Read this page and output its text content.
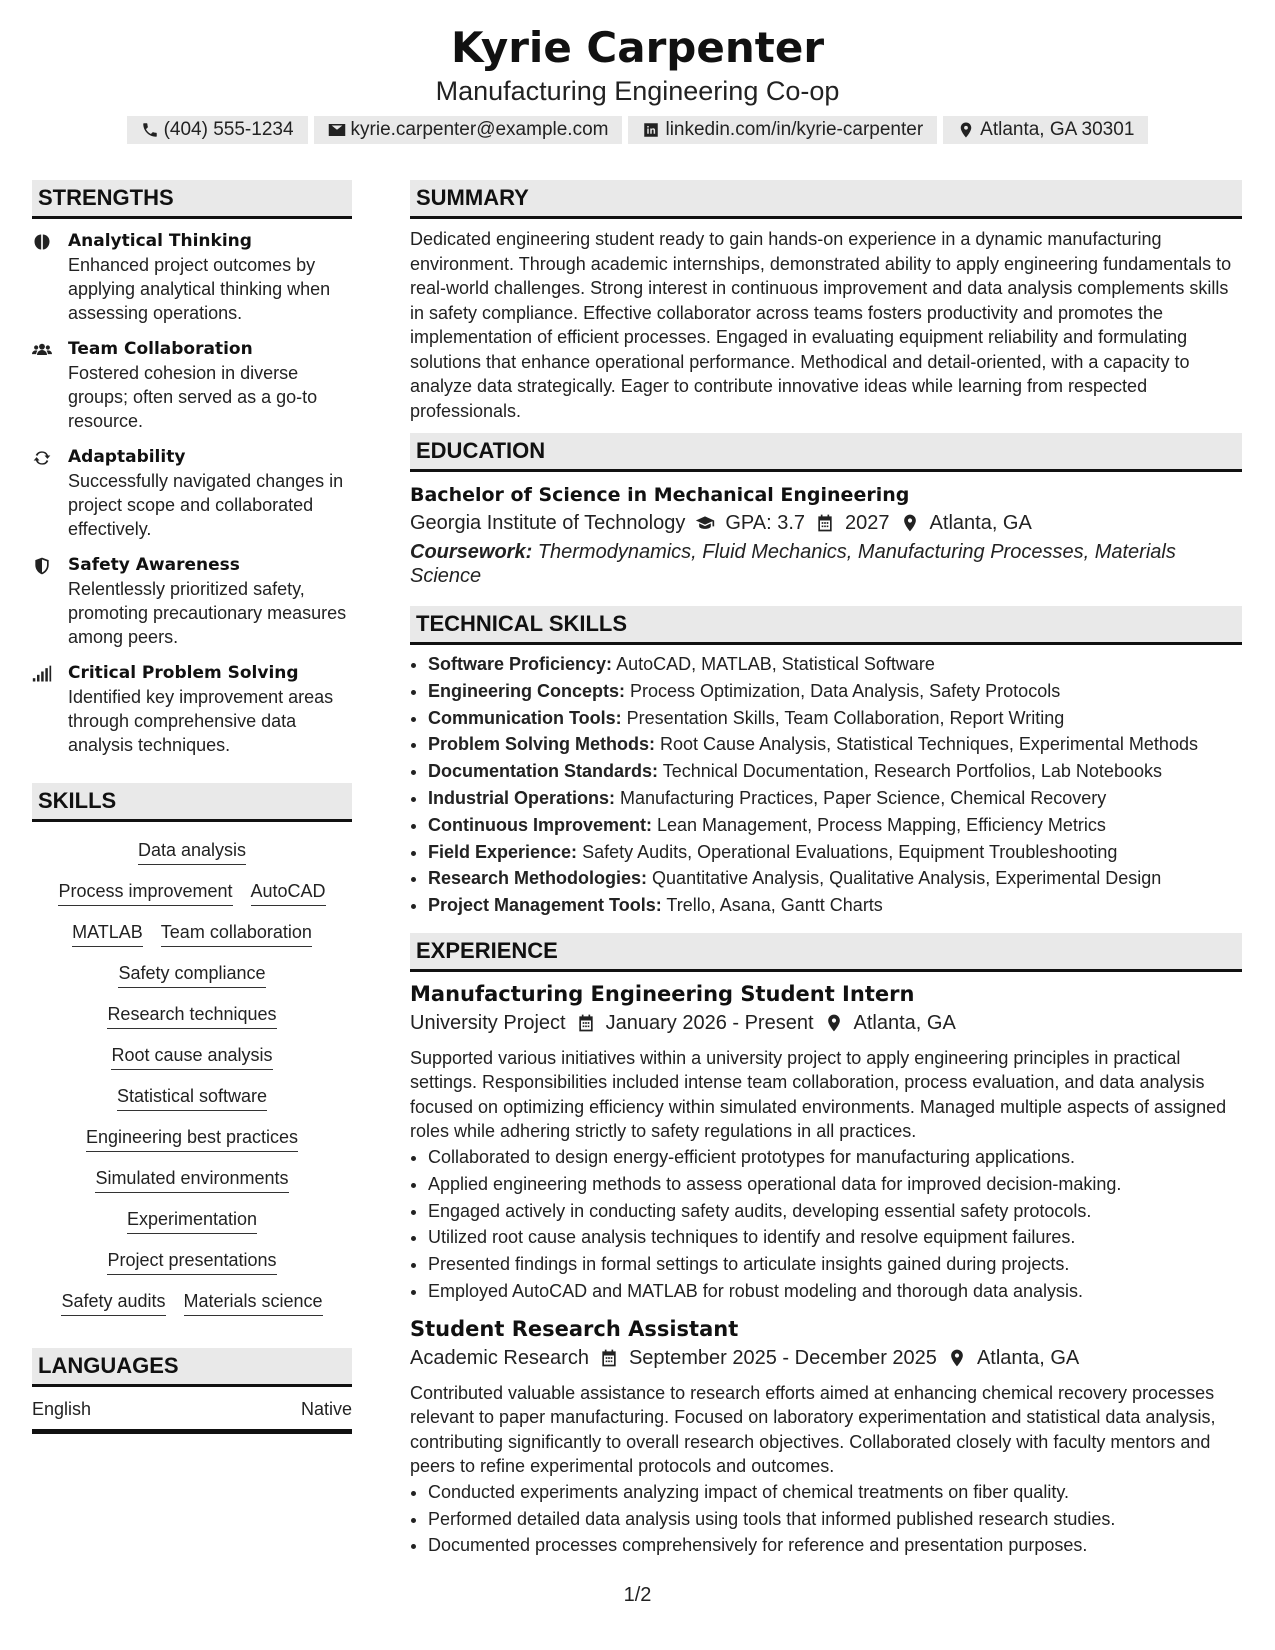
Kyrie Carpenter
Manufacturing Engineering Co-op
(404) 555-1234	kyrie.carpenter@example.com	linkedin.com/in/kyrie-carpenter	Atlanta, GA 30301
STRENGTHS
Analytical Thinking
Enhanced project outcomes by applying analytical thinking when assessing operations.
Team Collaboration
Fostered cohesion in diverse groups; often served as a go-to resource.
Adaptability
Successfully navigated changes in project scope and collaborated effectively.
Safety Awareness
Relentlessly prioritized safety, promoting precautionary measures among peers.
Critical Problem Solving
Identified key improvement areas through comprehensive data analysis techniques.
SKILLS
Data analysis
Process improvement AutoCAD
MATLAB Team collaboration
Safety compliance
Research techniques
Root cause analysis
Statistical software
Engineering best practices
Simulated environments
Experimentation
Project presentations
Safety audits Materials science
LANGUAGES
English	Native
SUMMARY
Dedicated engineering student ready to gain hands-on experience in a dynamic manufacturing environment. Through academic internships, demonstrated ability to apply engineering fundamentals to real-world challenges. Strong interest in continuous improvement and data analysis complements skills in safety compliance. Effective collaborator across teams fosters productivity and promotes the implementation of efficient processes. Engaged in evaluating equipment reliability and formulating solutions that enhance operational performance. Methodical and detail-oriented, with a capacity to analyze data strategically. Eager to contribute innovative ideas while learning from respected professionals.
EDUCATION
Bachelor of Science in Mechanical Engineering
Georgia Institute of Technology GPA: 3.7 2027 Atlanta, GA
Coursework: Thermodynamics, Fluid Mechanics, Manufacturing Processes, Materials Science
TECHNICAL SKILLS
• Software Proficiency: AutoCAD, MATLAB, Statistical Software
• Engineering Concepts: Process Optimization, Data Analysis, Safety Protocols
• Communication Tools: Presentation Skills, Team Collaboration, Report Writing
• Problem Solving Methods: Root Cause Analysis, Statistical Techniques, Experimental Methods
• Documentation Standards: Technical Documentation, Research Portfolios, Lab Notebooks
• Industrial Operations: Manufacturing Practices, Paper Science, Chemical Recovery
• Continuous Improvement: Lean Management, Process Mapping, Efficiency Metrics
• Field Experience: Safety Audits, Operational Evaluations, Equipment Troubleshooting
• Research Methodologies: Quantitative Analysis, Qualitative Analysis, Experimental Design
• Project Management Tools: Trello, Asana, Gantt Charts
EXPERIENCE
Manufacturing Engineering Student Intern
University Project January 2026 - Present Atlanta, GA
Supported various initiatives within a university project to apply engineering principles in practical settings. Responsibilities included intense team collaboration, process evaluation, and data analysis focused on optimizing efficiency within simulated environments. Managed multiple aspects of assigned roles while adhering strictly to safety regulations in all practices.
• Collaborated to design energy-efficient prototypes for manufacturing applications.
• Applied engineering methods to assess operational data for improved decision-making.
• Engaged actively in conducting safety audits, developing essential safety protocols.
• Utilized root cause analysis techniques to identify and resolve equipment failures.
• Presented findings in formal settings to articulate insights gained during projects.
• Employed AutoCAD and MATLAB for robust modeling and thorough data analysis.
Student Research Assistant
Academic Research September 2025 - December 2025 Atlanta, GA
Contributed valuable assistance to research efforts aimed at enhancing chemical recovery processes relevant to paper manufacturing. Focused on laboratory experimentation and statistical data analysis, contributing significantly to overall research objectives. Collaborated closely with faculty mentors and peers to refine experimental protocols and outcomes.
• Conducted experiments analyzing impact of chemical treatments on fiber quality.
• Performed detailed data analysis using tools that informed published research studies.
• Documented processes comprehensively for reference and presentation purposes.
1/2
